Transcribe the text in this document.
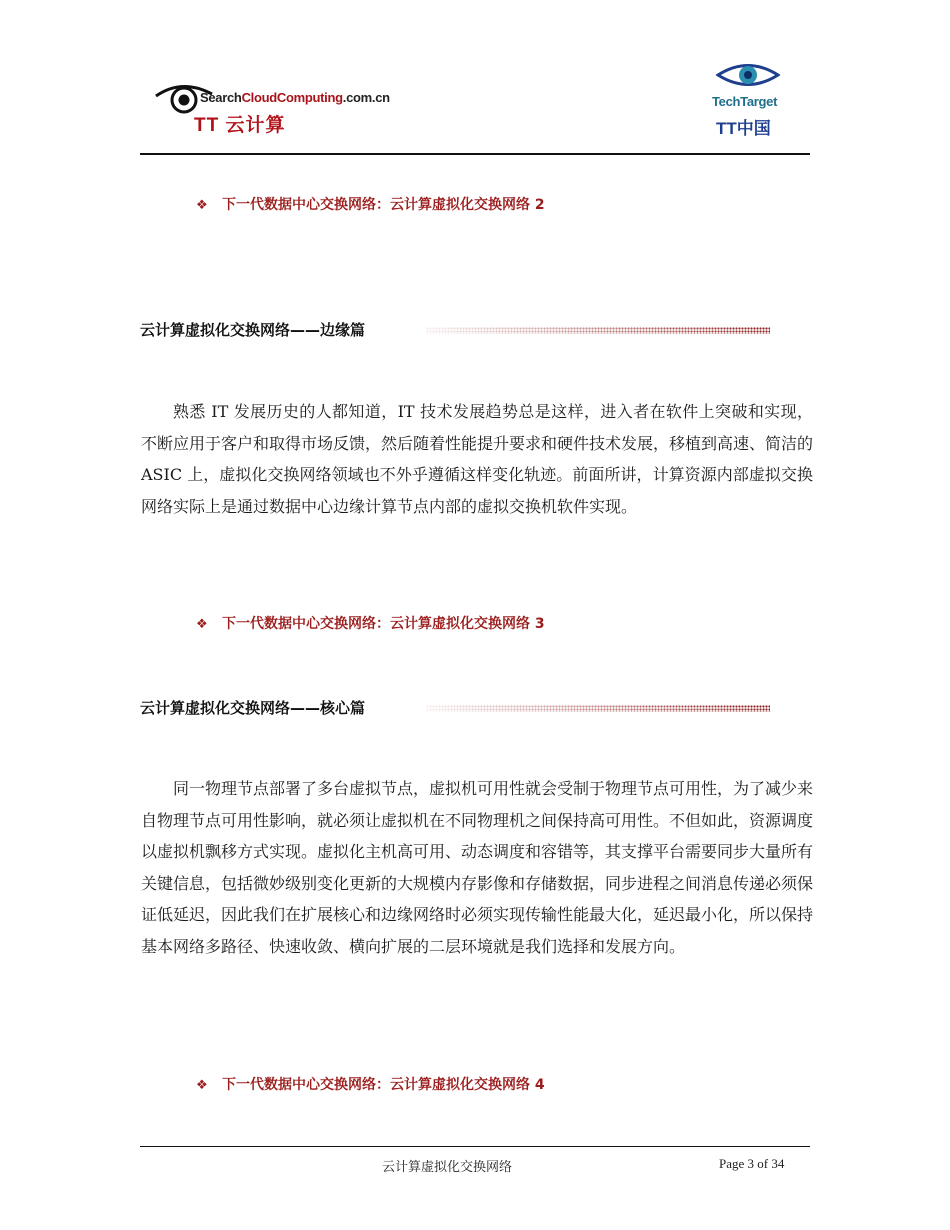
SearchCloudComputing.com.cn
TT 云计算
TechTarget
TT中国
❖ 下一代数据中心交换网络：云计算虚拟化交换网络 2
云计算虚拟化交换网络——边缘篇

熟悉 IT 发展历史的人都知道，IT 技术发展趋势总是这样，进入者在软件上突破和实现，不断应用于客户和取得市场反馈，然后随着性能提升要求和硬件技术发展，移植到高速、简洁的 ASIC 上，虚拟化交换网络领域也不外乎遵循这样变化轨迹。前面所讲，计算资源内部虚拟交换网络实际上是通过数据中心边缘计算节点内部的虚拟交换机软件实现。

❖ 下一代数据中心交换网络：云计算虚拟化交换网络 3
云计算虚拟化交换网络——核心篇

同一物理节点部署了多台虚拟节点，虚拟机可用性就会受制于物理节点可用性，为了减少来自物理节点可用性影响，就必须让虚拟机在不同物理机之间保持高可用性。不但如此，资源调度以虚拟机飘移方式实现。虚拟化主机高可用、动态调度和容错等，其支撑平台需要同步大量所有关键信息，包括微妙级别变化更新的大规模内存影像和存储数据，同步进程之间消息传递必须保证低延迟，因此我们在扩展核心和边缘网络时必须实现传输性能最大化，延迟最小化，所以保持基本网络多路径、快速收敛、横向扩展的二层环境就是我们选择和发展方向。

❖ 下一代数据中心交换网络：云计算虚拟化交换网络 4
云计算虚拟化交换网络	Page 3 of 34
